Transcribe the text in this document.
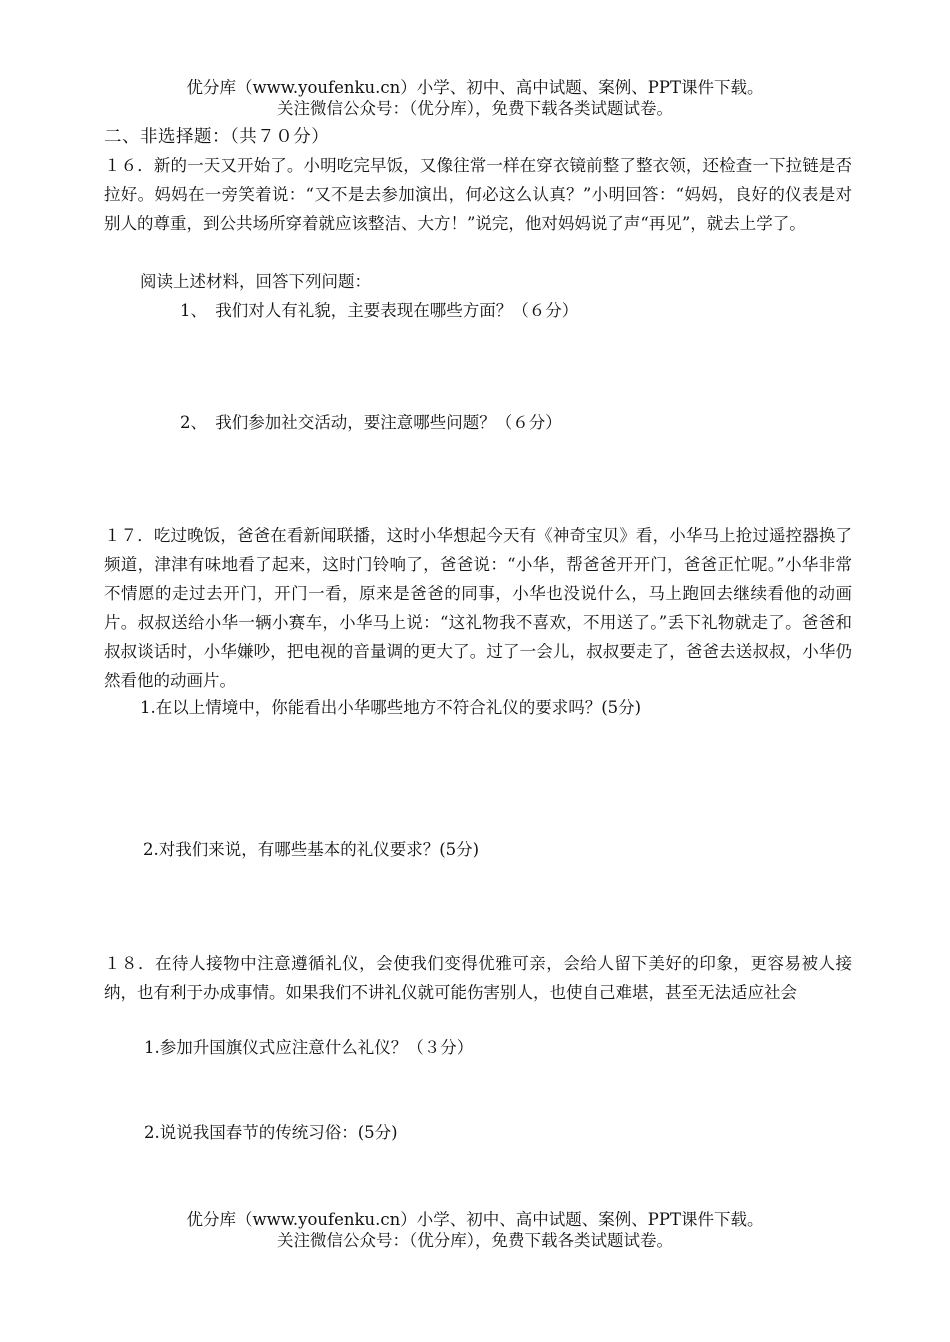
优分库（www.youfenku.cn）小学、初中、高中试题、案例、PPT课件下载。
关注微信公众号：（优分库），免费下载各类试题试卷。
二、非选择题：（共７０分）
１６．新的一天又开始了。小明吃完早饭，又像往常一样在穿衣镜前整了整衣领，还检查一下拉链是否拉好。妈妈在一旁笑着说：“又不是去参加演出，何必这么认真？”小明回答：“妈妈，良好的仪表是对别人的尊重，到公共场所穿着就应该整洁、大方！”说完，他对妈妈说了声“再见”，就去上学了。
阅读上述材料，回答下列问题：
1、　我们对人有礼貌，主要表现在哪些方面？（６分）
2、　我们参加社交活动，要注意哪些问题？（６分）
１７．吃过晚饭，爸爸在看新闻联播，这时小华想起今天有《神奇宝贝》看，小华马上抢过遥控器换了频道，津津有味地看了起来，这时门铃响了，爸爸说：“小华，帮爸爸开开门，爸爸正忙呢。”小华非常不情愿的走过去开门，开门一看，原来是爸爸的同事，小华也没说什么，马上跑回去继续看他的动画片。叔叔送给小华一辆小赛车，小华马上说：“这礼物我不喜欢，不用送了。”丢下礼物就走了。爸爸和叔叔谈话时，小华嫌吵，把电视的音量调的更大了。过了一会儿，叔叔要走了，爸爸去送叔叔，小华仍然看他的动画片。
1.在以上情境中，你能看出小华哪些地方不符合礼仪的要求吗？(5分)
2.对我们来说，有哪些基本的礼仪要求？(5分)
１８．在待人接物中注意遵循礼仪，会使我们变得优雅可亲，会给人留下美好的印象，更容易被人接纳，也有利于办成事情。如果我们不讲礼仪就可能伤害别人，也使自己难堪，甚至无法适应社会
1.参加升国旗仪式应注意什么礼仪？（３分）
2.说说我国春节的传统习俗：(5分)
优分库（www.youfenku.cn）小学、初中、高中试题、案例、PPT课件下载。
关注微信公众号：（优分库），免费下载各类试题试卷。
